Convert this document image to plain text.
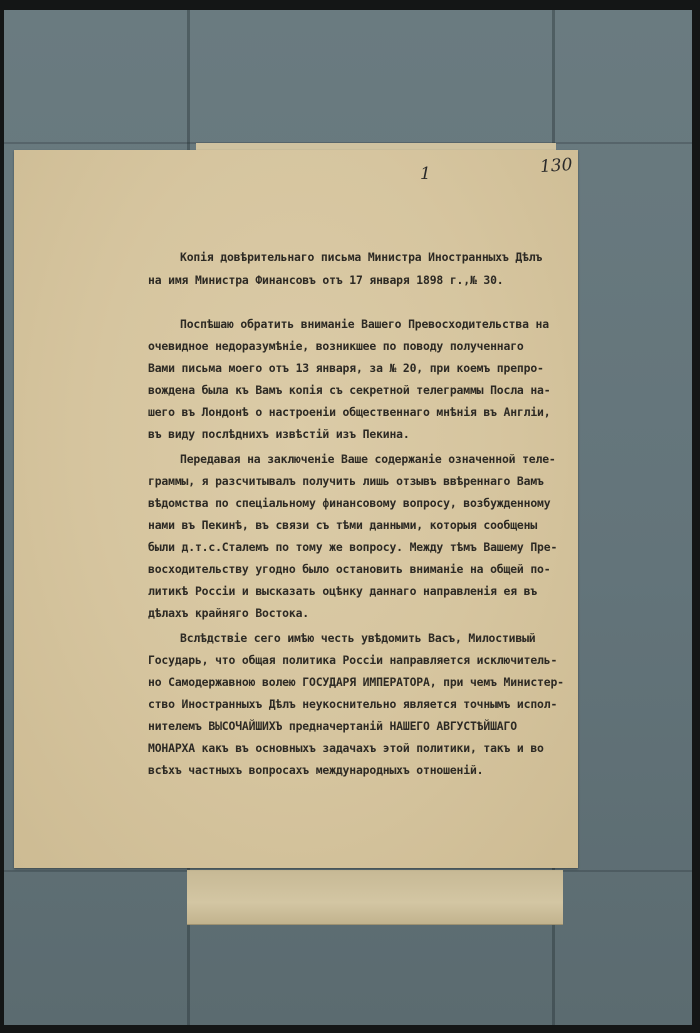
130
1
Копія довѣрительнаго письма Министра Иностранныхъ Дѣлъ
на имя Министра Финансовъ отъ 17 января 1898 г.,№ 30.
Поспѣшаю обратить вниманіе Вашего Превосходительства на
очевидное недоразумѣніе, возникшее по поводу полученнаго
Вами письма моего отъ 13 января, за № 20, при коемъ препро-
вождена была къ Вамъ копія съ секретной телеграммы Посла на-
шего въ Лондонѣ о настроеніи общественнаго мнѣнія въ Англіи,
въ виду послѣднихъ извѣстій изъ Пекина.
Передавая на заключеніе Ваше содержаніе означенной теле-
граммы, я разсчитывалъ получить лишь отзывъ ввѣреннаго Вамъ
вѣдомства по спеціальному финансовому вопросу, возбужденному
нами въ Пекинѣ, въ связи съ тѣми данными, которыя сообщены
были д.т.с.Сталемъ по тому же вопросу. Между тѣмъ Вашему Пре-
восходительству угодно было остановить вниманіе на общей по-
литикѣ Россіи и высказать оцѣнку даннаго направленія ея въ
дѣлахъ крайняго Востока.
Вслѣдствіе сего имѣю честь увѣдомить Васъ, Милостивый
Государь, что общая политика Россіи направляется исключитель-
но Самодержавною волею ГОСУДАРЯ ИМПЕРАТОРА, при чемъ Министер-
ство Иностранныхъ Дѣлъ неукоснительно является точнымъ испол-
нителемъ ВЫСОЧАЙШИХЪ предначертаній НАШЕГО АВГУСТѢЙШАГО
МОНАРХА какъ въ основныхъ задачахъ этой политики, такъ и во
всѣхъ частныхъ вопросахъ международныхъ отношеній.
